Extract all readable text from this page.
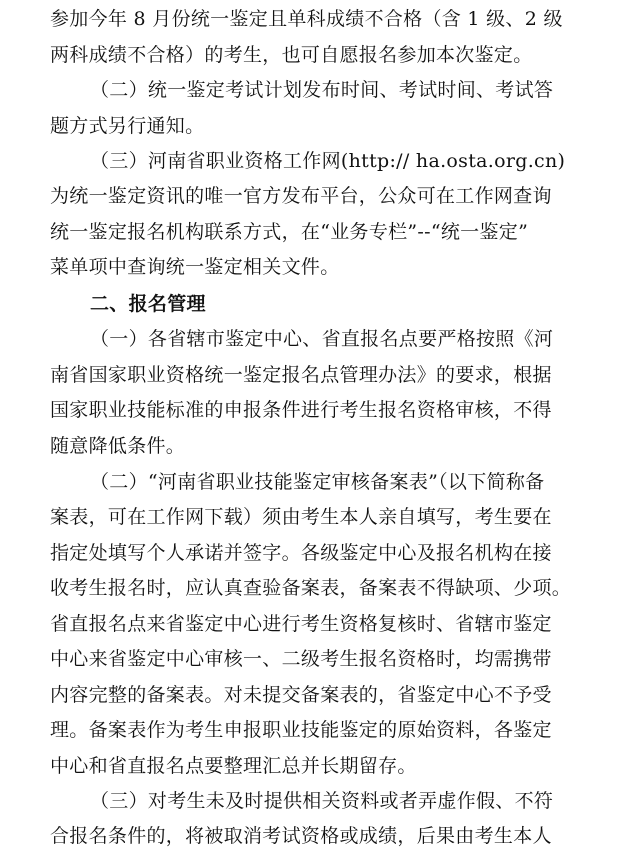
参加今年 8 月份统一鉴定且单科成绩不合格（含 1 级、2 级
两科成绩不合格）的考生，也可自愿报名参加本次鉴定。
（二）统一鉴定考试计划发布时间、考试时间、考试答
题方式另行通知。
（三）河南省职业资格工作网(http:// ha.osta.org.cn)
为统一鉴定资讯的唯一官方发布平台，公众可在工作网查询
统一鉴定报名机构联系方式，在“业务专栏”--“统一鉴定”
菜单项中查询统一鉴定相关文件。
二、报名管理
（一）各省辖市鉴定中心、省直报名点要严格按照《河
南省国家职业资格统一鉴定报名点管理办法》的要求，根据
国家职业技能标准的申报条件进行考生报名资格审核，不得
随意降低条件。
（二）“河南省职业技能鉴定审核备案表”（以下简称备
案表，可在工作网下载）须由考生本人亲自填写，考生要在
指定处填写个人承诺并签字。各级鉴定中心及报名机构在接
收考生报名时，应认真查验备案表，备案表不得缺项、少项。
省直报名点来省鉴定中心进行考生资格复核时、省辖市鉴定
中心来省鉴定中心审核一、二级考生报名资格时，均需携带
内容完整的备案表。对未提交备案表的，省鉴定中心不予受
理。备案表作为考生申报职业技能鉴定的原始资料，各鉴定
中心和省直报名点要整理汇总并长期留存。
（三）对考生未及时提供相关资料或者弄虚作假、不符
合报名条件的，将被取消考试资格或成绩，后果由考生本人
